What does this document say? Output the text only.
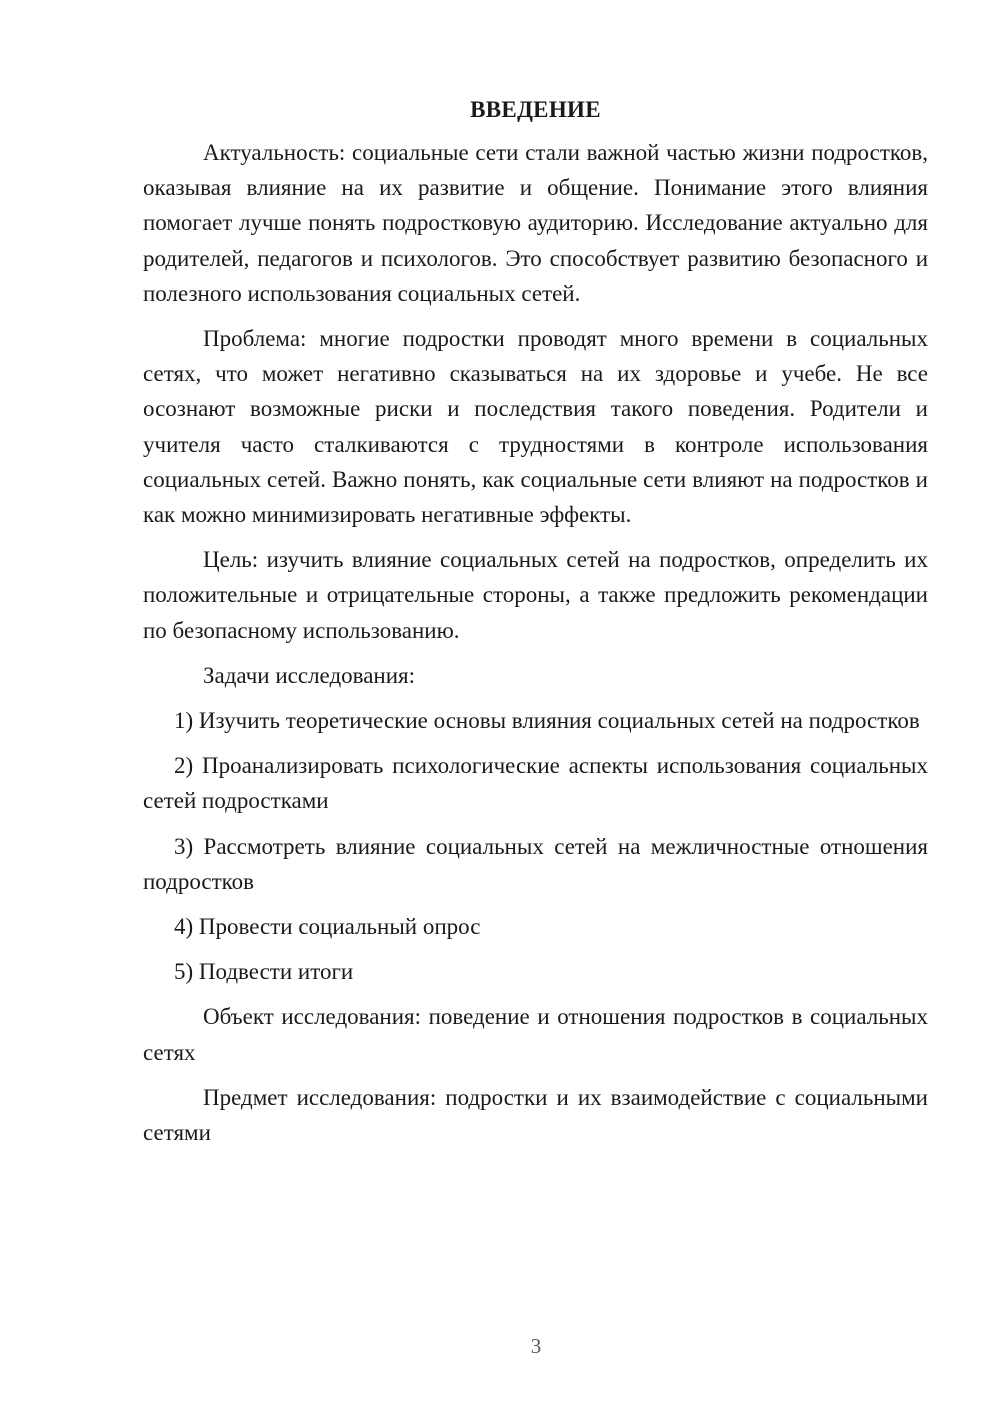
ВВЕДЕНИЕ

Актуальность: социальные сети стали важной частью жизни подростков, оказывая влияние на их развитие и общение. Понимание этого влияния помогает лучше понять подростковую аудиторию. Исследование актуально для родителей, педагогов и психологов. Это способствует развитию безопасного и полезного использования социальных сетей.

Проблема: многие подростки проводят много времени в социальных сетях, что может негативно сказываться на их здоровье и учебе. Не все осознают возможные риски и последствия такого поведения. Родители и учителя часто сталкиваются с трудностями в контроле использования социальных сетей. Важно понять, как социальные сети влияют на подростков и как можно минимизировать негативные эффекты.

Цель: изучить влияние социальных сетей на подростков, определить их положительные и отрицательные стороны, а также предложить рекомендации по безопасному использованию.

Задачи исследования:

1) Изучить теоретические основы влияния социальных сетей на подростков

2) Проанализировать психологические аспекты использования социальных сетей подростками

3) Рассмотреть влияние социальных сетей на межличностные отношения подростков

4) Провести социальный опрос

5) Подвести итоги

Объект исследования: поведение и отношения подростков в социальных сетях

Предмет исследования: подростки и их взаимодействие с социальными сетями

3
